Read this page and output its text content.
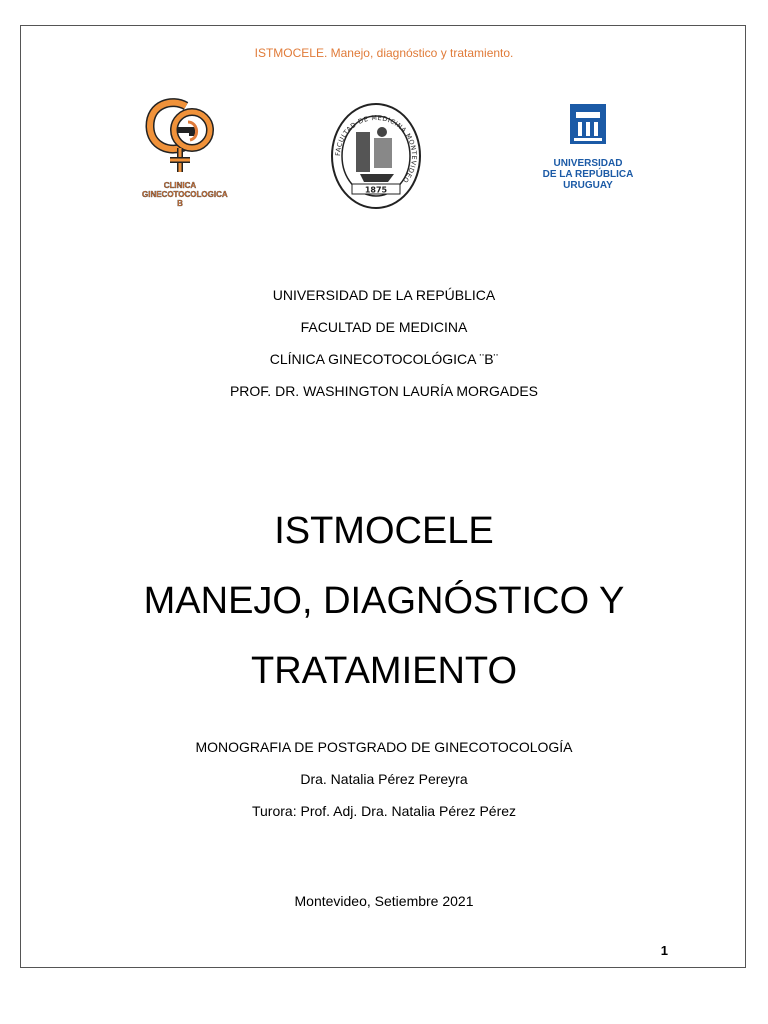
ISTMOCELE. Manejo, diagnóstico y tratamiento.
CLINICA
GINECOTOCOLOGICA
B
FACULTAD DE MEDICINA MONTEVIDEO
1875
UNIVERSIDAD
DE LA REPÚBLICA
URUGUAY
UNIVERSIDAD DE LA REPÚBLICA
FACULTAD DE MEDICINA
CLÍNICA GINECOTOCOLÓGICA ¨B¨
PROF. DR. WASHINGTON LAURÍA MORGADES
ISTMOCELE
MANEJO, DIAGNÓSTICO Y
TRATAMIENTO
MONOGRAFIA DE POSTGRADO DE GINECOTOCOLOGÍA
Dra. Natalia Pérez Pereyra
Turora: Prof. Adj. Dra. Natalia Pérez Pérez
Montevideo, Setiembre 2021
1
